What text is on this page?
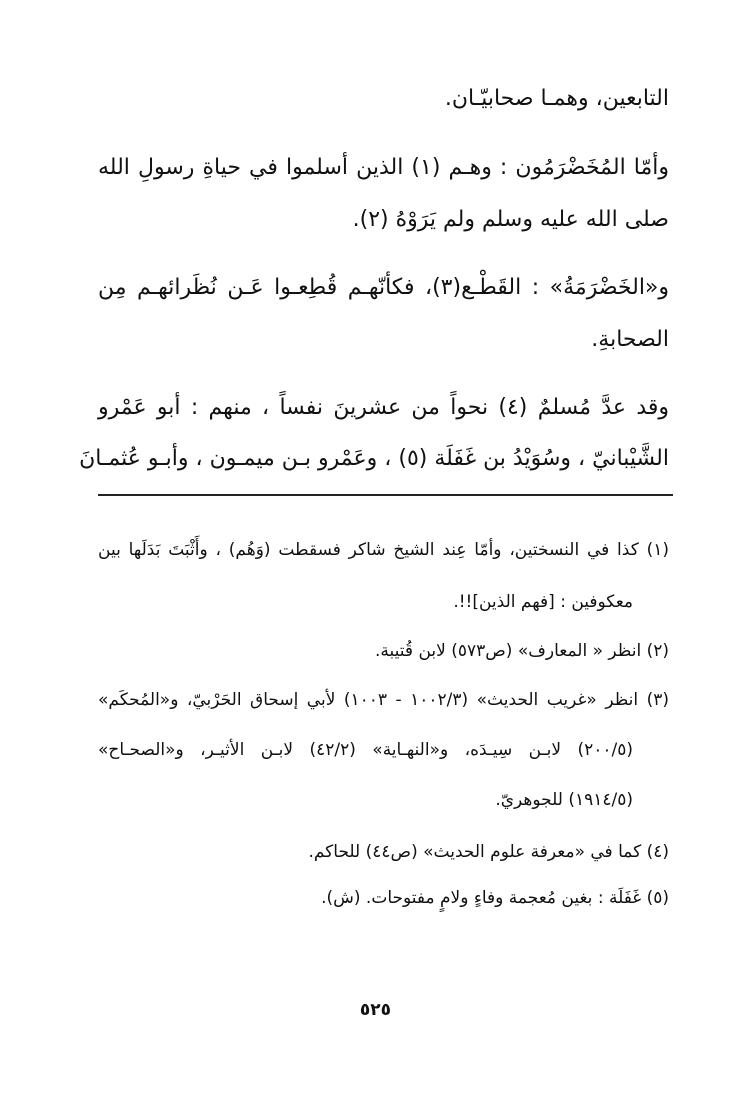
التابعين، وهمـا صحابيّـان.
وأمّا المُخَضْرَمُون : وهـم (١) الذين أسلموا في حياةِ رسولِ الله
صلى الله عليه وسلم ولم يَرَوْهُ (٢).
و«الخَضْرَمَةُ» : القَطْـع(٣)، فكأنّهـم قُطِعـوا عَـن نُظَرائهـم مِن
الصحابةِ.
وقد عدَّ مُسلمٌ (٤) نحواً من عشرينَ نفساً ، منهم : أبو عَمْرو
الشَّيْبانيّ ، وسُوَيْدُ بن غَفَلَة (٥) ، وعَمْرو بـن ميمـون ، وأبـو عُثمـانَ
(١) كذا في النسختين، وأمّا عِند الشيخ شاكر فسقطت (وَهُم) ، وأَثْبَتَ بَدَلَها بين
معكوفين : [فهم الذين]!!.
(٢) انظر « المعارف» (ص٥٧٣) لابن قُتيبة.
(٣) انظر «غريب الحديث» (١٠٠٢/٣ - ١٠٠٣) لأبي إسحاق الحَرْبيّ، و«المُحكَم»
(٢٠٠/٥) لابـن سِيـدَه، و«النهـاية» (٤٢/٢) لابـن الأثيـر، و«الصحـاح»
(١٩١٤/٥) للجوهريّ.
(٤) كما في «معرفة علوم الحديث» (ص٤٤) للحاكم.
(٥) غَفَلَة : بغين مُعجمة وفاءٍ ولامٍ مفتوحات. (ش).
٥٢٥
